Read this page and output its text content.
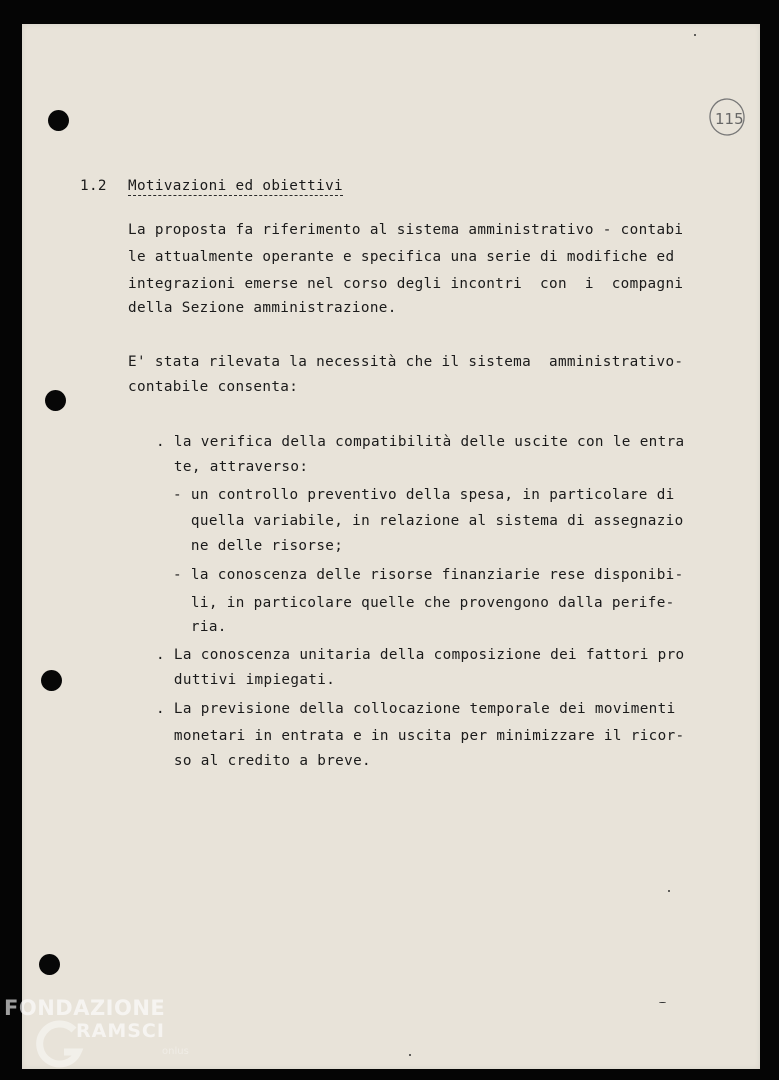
115
1.2 Motivazioni ed obiettivi
La proposta fa riferimento al sistema amministrativo - contabi
le attualmente operante e specifica una serie di modifiche ed
integrazioni emerse nel corso degli incontri  con  i  compagni
della Sezione amministrazione.
E' stata rilevata la necessità che il sistema  amministrativo-
contabile consenta:
. la verifica della compatibilità delle uscite con le entra
te, attraverso:
- un controllo preventivo della spesa, in particolare di
quella variabile, in relazione al sistema di assegnazio
ne delle risorse;
- la conoscenza delle risorse finanziarie rese disponibi-
li, in particolare quelle che provengono dalla perife-
ria.
. La conoscenza unitaria della composizione dei fattori pro
duttivi impiegati.
. La previsione della collocazione temporale dei movimenti
monetari in entrata e in uscita per minimizzare il ricor-
so al credito a breve.
FONDAZIONE
RAMSCI
onlus
